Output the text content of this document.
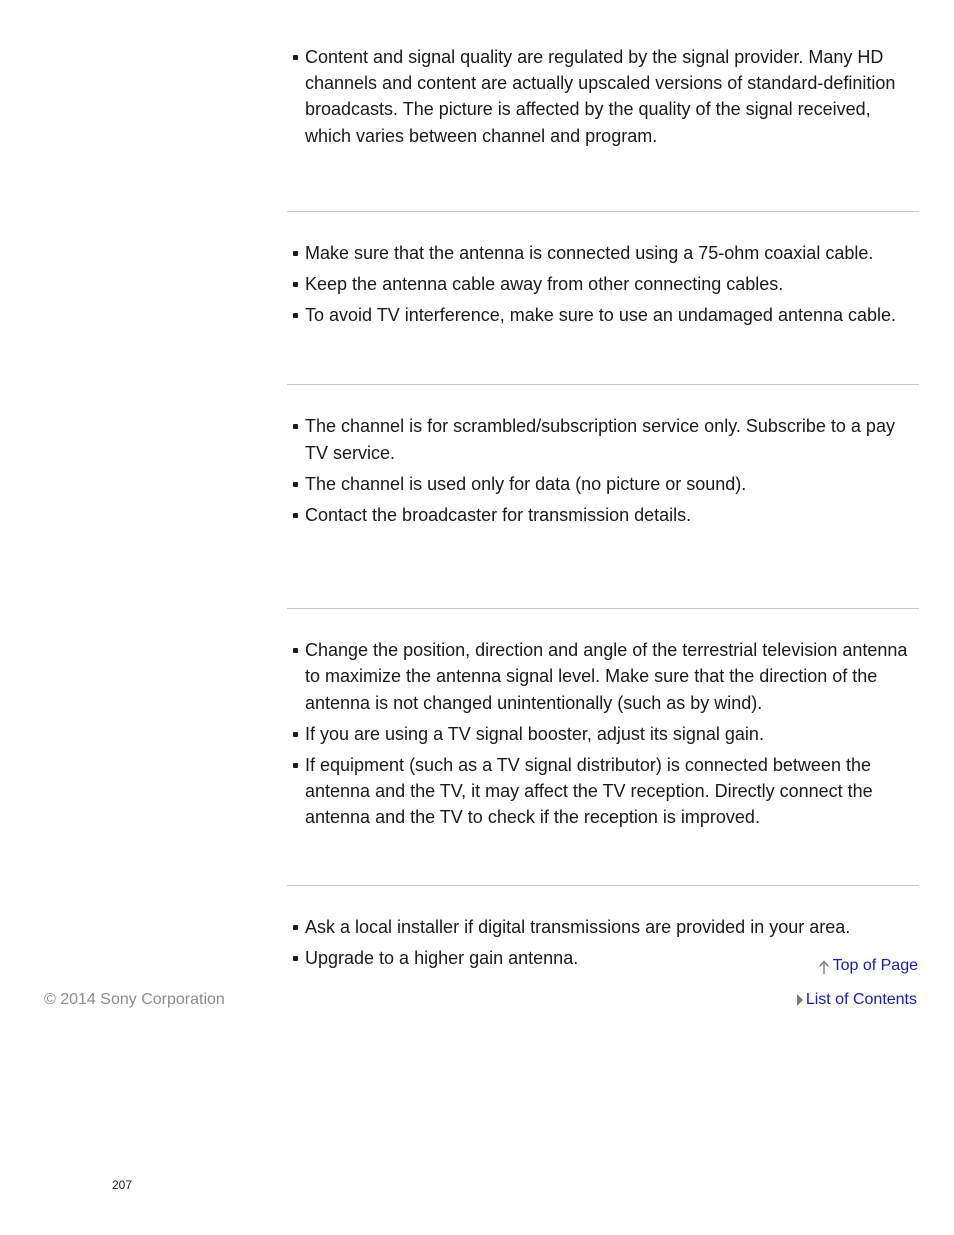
Content and signal quality are regulated by the signal provider. Many HD channels and content are actually upscaled versions of standard-definition broadcasts. The picture is affected by the quality of the signal received, which varies between channel and program.
Make sure that the antenna is connected using a 75-ohm coaxial cable.
Keep the antenna cable away from other connecting cables.
To avoid TV interference, make sure to use an undamaged antenna cable.
The channel is for scrambled/subscription service only. Subscribe to a pay TV service.
The channel is used only for data (no picture or sound).
Contact the broadcaster for transmission details.
Change the position, direction and angle of the terrestrial television antenna to maximize the antenna signal level. Make sure that the direction of the antenna is not changed unintentionally (such as by wind).
If you are using a TV signal booster, adjust its signal gain.
If equipment (such as a TV signal distributor) is connected between the antenna and the TV, it may affect the TV reception. Directly connect the antenna and the TV to check if the reception is improved.
Ask a local installer if digital transmissions are provided in your area.
Upgrade to a higher gain antenna.	Top of Page
© 2014 Sony Corporation	List of Contents
207
